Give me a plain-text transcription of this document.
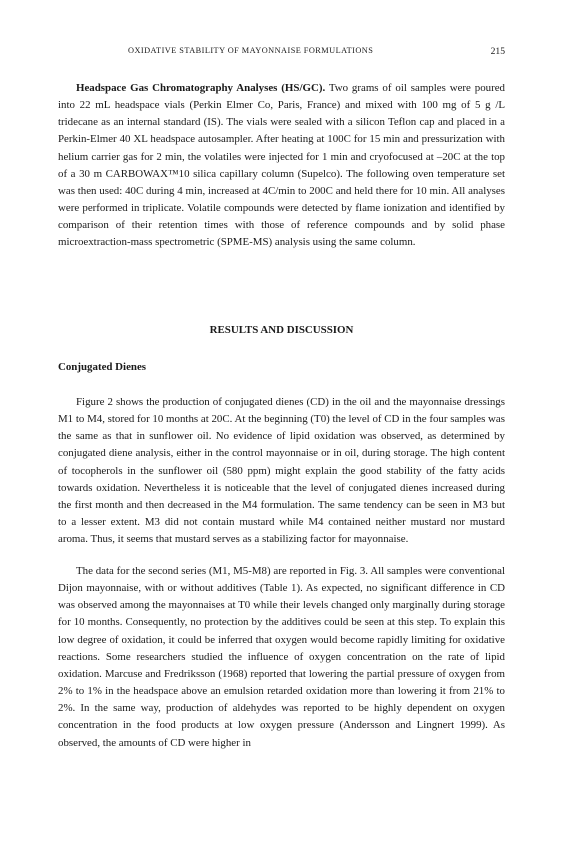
OXIDATIVE STABILITY OF MAYONNAISE FORMULATIONS	215

Headspace Gas Chromatography Analyses (HS/GC). Two grams of oil samples were poured into 22 mL headspace vials (Perkin Elmer Co, Paris, France) and mixed with 100 mg of 5 g /L tridecane as an internal standard (IS). The vials were sealed with a silicon Teflon cap and placed in a Perkin-Elmer 40 XL headspace autosampler. After heating at 100C for 15 min and pressurization with helium carrier gas for 2 min, the volatiles were injected for 1 min and cryofocused at –20C at the top of a 30 m CARBOWAX™10 silica capillary column (Supelco). The following oven temperature set was then used: 40C during 4 min, increased at 4C/min to 200C and held there for 10 min. All analyses were performed in triplicate. Volatile compounds were detected by flame ionization and identified by comparison of their retention times with those of reference compounds and by solid phase microextraction-mass spectrometric (SPME-MS) analysis using the same column.

RESULTS AND DISCUSSION
Conjugated Dienes

Figure 2 shows the production of conjugated dienes (CD) in the oil and the mayonnaise dressings M1 to M4, stored for 10 months at 20C. At the beginning (T0) the level of CD in the four samples was the same as that in sunflower oil. No evidence of lipid oxidation was observed, as determined by conjugated diene analysis, either in the control mayonnaise or in oil, during storage. The high content of tocopherols in the sunflower oil (580 ppm) might explain the good stability of the fatty acids towards oxidation. Nevertheless it is noticeable that the level of conjugated dienes increased during the first month and then decreased in the M4 formulation. The same tendency can be seen in M3 but to a lesser extent. M3 did not contain mustard while M4 contained neither mustard nor mustard aroma. Thus, it seems that mustard serves as a stabilizing factor for mayonnaise.

The data for the second series (M1, M5-M8) are reported in Fig. 3. All samples were conventional Dijon mayonnaise, with or without additives (Table 1). As expected, no significant difference in CD was observed among the mayonnaises at T0 while their levels changed only marginally during storage for 10 months. Consequently, no protection by the additives could be seen at this step. To explain this low degree of oxidation, it could be inferred that oxygen would become rapidly limiting for oxidative reactions. Some researchers studied the influence of oxygen concentration on the rate of lipid oxidation. Marcuse and Fredriksson (1968) reported that lowering the partial pressure of oxygen from 2% to 1% in the headspace above an emulsion retarded oxidation more than lowering it from 21% to 2%. In the same way, production of aldehydes was reported to be highly dependent on oxygen concentration in the food products at low oxygen pressure (Andersson and Lingnert 1999). As observed, the amounts of CD were higher in
